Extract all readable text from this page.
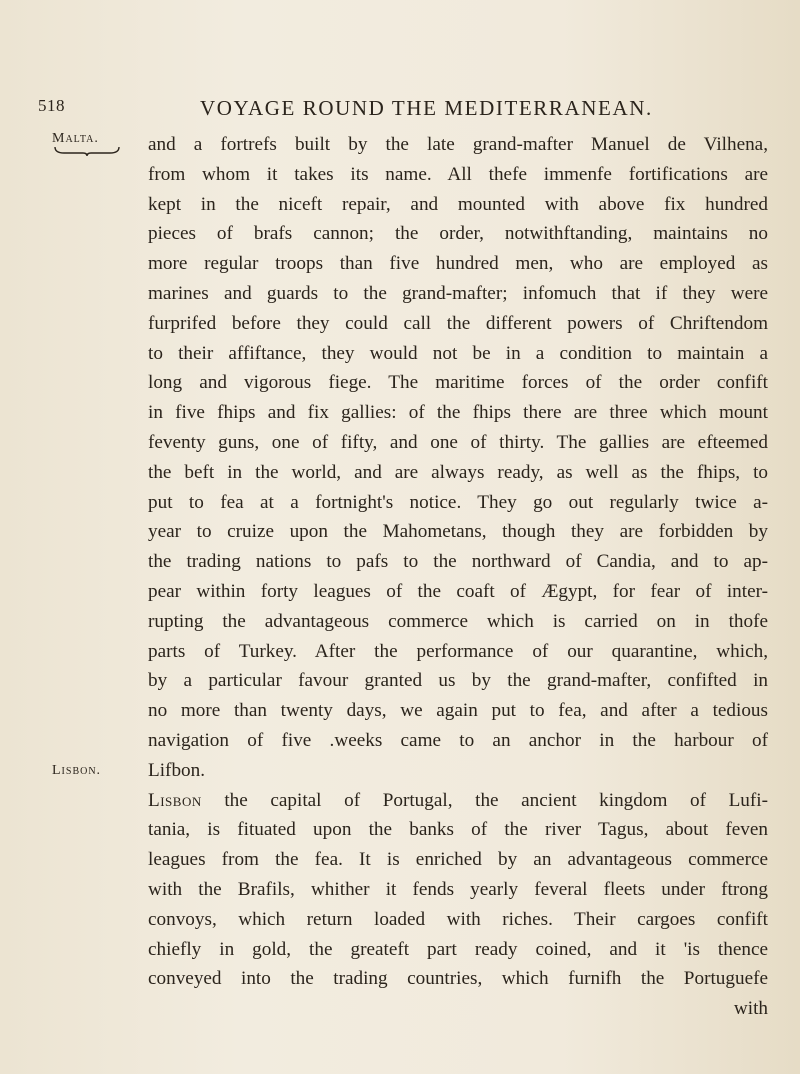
518	VOYAGE ROUND THE MEDITERRANEAN.
Malta.
Lisbon.
and a fortrefs built by the late grand-mafter Manuel de Vilhena,
from whom it takes its name. All thefe immenfe fortifications are
kept in the niceft repair, and mounted with above fix hundred
pieces of brafs cannon; the order, notwithftanding, maintains no
more regular troops than five hundred men, who are employed as
marines and guards to the grand-mafter; infomuch that if they were
furprifed before they could call the different powers of Chriftendom
to their affiftance, they would not be in a condition to maintain a
long and vigorous fiege. The maritime forces of the order confift
in five fhips and fix gallies: of the fhips there are three which mount
feventy guns, one of fifty, and one of thirty. The gallies are efteemed
the beft in the world, and are always ready, as well as the fhips, to
put to fea at a fortnight's notice. They go out regularly twice a-
year to cruize upon the Mahometans, though they are forbidden by
the trading nations to pafs to the northward of Candia, and to ap-
pear within forty leagues of the coaft of Ægypt, for fear of inter-
rupting the advantageous commerce which is carried on in thofe
parts of Turkey. After the performance of our quarantine, which,
by a particular favour granted us by the grand-mafter, confifted in
no more than twenty days, we again put to fea, and after a tedious
navigation of five .weeks came to an anchor in the harbour of
Lifbon.
Lisbon the capital of Portugal, the ancient kingdom of Lufi-
tania, is fituated upon the banks of the river Tagus, about feven
leagues from the fea. It is enriched by an advantageous commerce
with the Brafils, whither it fends yearly feveral fleets under ftrong
convoys, which return loaded with riches. Their cargoes confift
chiefly in gold, the greateft part ready coined, and it 'is thence
conveyed into the trading countries, which furnifh the Portuguefe
with
